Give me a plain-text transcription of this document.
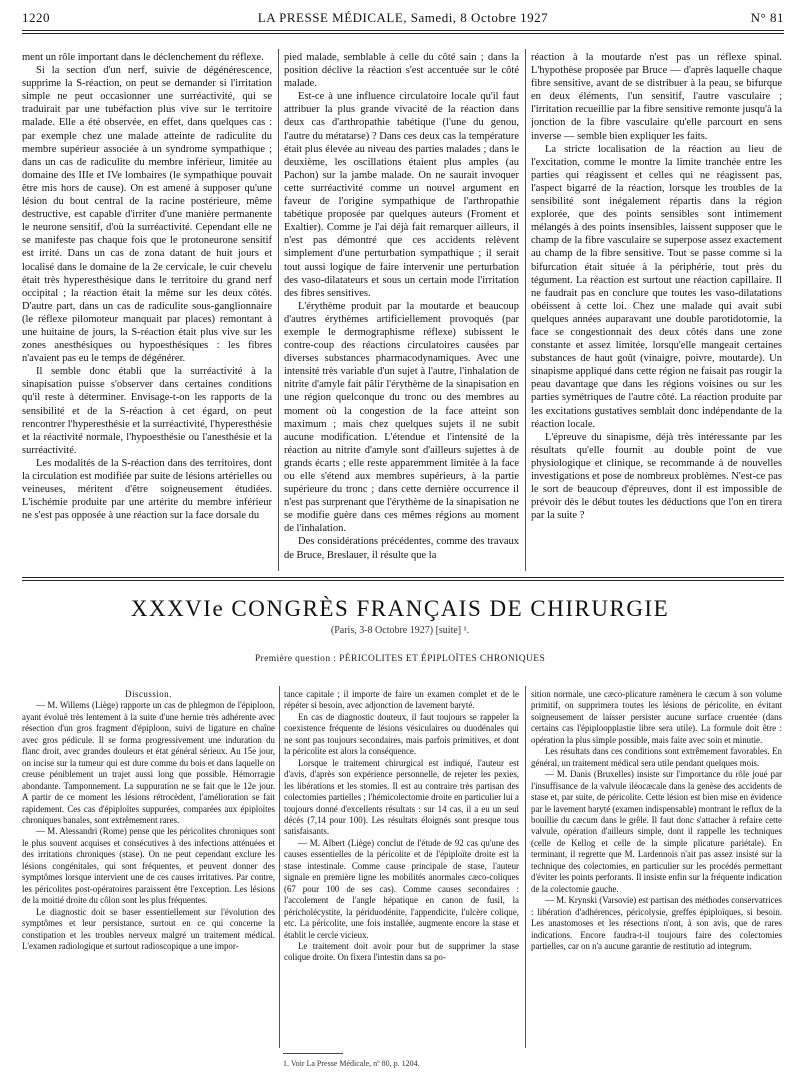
1220	LA PRESSE MÉDICALE, Samedi, 8 Octobre 1927	N° 81

ment un rôle important dans le déclenchement du réflexe.

Si la section d'un nerf, suivie de dégénérescence, supprime la S-réaction, on peut se demander si l'irritation simple ne peut occasionner une surréactivité, qui se traduirait par une tubéfaction plus vive sur le territoire malade. Elle a été observée, en effet, dans quelques cas : par exemple chez une malade atteinte de radiculite du membre supérieur associée à un syndrome sympathique ; dans un cas de radiculite du membre inférieur, limitée au domaine des IIIe et IVe lombaires (le sympathique pouvait être mis hors de cause). On est amené à supposer qu'une lésion du bout central de la racine postérieure, même destructive, est capable d'irriter d'une manière permanente le neurone sensitif, d'où la surréactivité. Cependant elle ne se manifeste pas chaque fois que le protoneurone sensitif est irrité. Dans un cas de zona datant de huit jours et localisé dans le domaine de la 2e cervicale, le cuir chevelu était très hyperesthésique dans le territoire du grand nerf occipital ; la réaction était la même sur les deux côtés. D'autre part, dans un cas de radiculite sous-ganglionnaire (le réflexe pilomoteur manquait par places) remontant à une huitaine de jours, la S-réaction était plus vive sur les zones anesthésiques ou hypoesthésiques : les fibres n'avaient pas eu le temps de dégénérer.

Il semble donc établi que la surréactivité à la sinapisation puisse s'observer dans certaines conditions qu'il reste à déterminer. Envisage-t-on les rapports de la sensibilité et de la S-réaction à cet égard, on peut rencontrer l'hyperesthésie et la surréactivité, l'hyperesthésie et la réactivité normale, l'hypoesthésie ou l'anesthésie et la surréactivité.

Les modalités de la S-réaction dans des territoires, dont la circulation est modifiée par suite de lésions artérielles ou veineuses, méritent d'être soigneusement étudiées. L'ischémie produite par une artérite du membre inférieur ne s'est pas opposée à une réaction sur la face dorsale du

pied malade, semblable à celle du côté sain ; dans la position déclive la réaction s'est accentuée sur le côté malade.

Est-ce à une influence circulatoire locale qu'il faut attribuer la plus grande vivacité de la réaction dans deux cas d'arthropathie tabétique (l'une du genou, l'autre du métatarse) ? Dans ces deux cas la température était plus élevée au niveau des parties malades ; dans le deuxième, les oscillations étaient plus amples (au Pachon) sur la jambe malade. On ne saurait invoquer cette surréactivité comme un nouvel argument en faveur de l'origine sympathique de l'arthropathie tabétique proposée par quelques auteurs (Froment et Exaltier). Comme je l'ai déjà fait remarquer ailleurs, il n'est pas démontré que ces accidents relèvent simplement d'une perturbation sympathique ; il serait tout aussi logique de faire intervenir une perturbation des vaso-dilatateurs et sous un certain mode l'irritation des fibres sensitives.

L'érythème produit par la moutarde et beaucoup d'autres érythèmes artificiellement provoqués (par exemple le dermographisme réflexe) subissent le contre-coup des réactions circulatoires causées par diverses substances pharmacodynamiques. Avec une intensité très variable d'un sujet à l'autre, l'inhalation de nitrite d'amyle fait pâlir l'érythème de la sinapisation en une région quelconque du tronc ou des membres au moment où la congestion de la face atteint son maximum ; mais chez quelques sujets il ne subit aucune modification. L'étendue et l'intensité de la réaction au nitrite d'amyle sont d'ailleurs sujettes à de grands écarts ; elle reste apparemment limitée à la face ou elle s'étend aux membres supérieurs, à la partie supérieure du tronc ; dans cette dernière occurrence il n'est pas surprenant que l'érythème de la sinapisation ne se modifie guère dans ces mêmes régions au moment de l'inhalation.

Des considérations précédentes, comme des travaux de Bruce, Breslauer, il résulte que la

réaction à la moutarde n'est pas un réflexe spinal. L'hypothèse proposée par Bruce — d'après laquelle chaque fibre sensitive, avant de se distribuer à la peau, se bifurque en deux éléments, l'un sensitif, l'autre vasculaire ; l'irritation recueillie par la fibre sensitive remonte jusqu'à la jonction de la fibre vasculaire qu'elle parcourt en sens inverse — semble bien expliquer les faits.

La stricte localisation de la réaction au lieu de l'excitation, comme le montre la limite tranchée entre les parties qui réagissent et celles qui ne réagissent pas, l'aspect bigarré de la réaction, lorsque les troubles de la sensibilité sont inégalement répartis dans la région explorée, que des points sensibles sont intimement mélangés à des points insensibles, laissent supposer que le champ de la fibre vasculaire se superpose assez exactement au champ de la fibre sensitive. Tout se passe comme si la bifurcation était située à la périphérie, tout près du tégument. La réaction est surtout une réaction capillaire. Il ne faudrait pas en conclure que toutes les vaso-dilatations obéissent à cette loi. Chez une malade qui avait subi quelques années auparavant une double parotidotomie, la face se congestionnait des deux côtés dans une zone constante et assez limitée, lorsqu'elle mangeait certaines substances de haut goût (vinaigre, poivre, moutarde). Un sinapisme appliqué dans cette région ne faisait pas rougir la peau davantage que dans les régions voisines ou sur les parties symétriques de l'autre côté. La réaction produite par les excitations gustatives semblait donc indépendante de la réaction locale.

L'épreuve du sinapisme, déjà très intéressante par les résultats qu'elle fournit au double point de vue physiologique et clinique, se recommande à de nouvelles investigations et pose de nombreux problèmes. N'est-ce pas le sort de beaucoup d'épreuves, dont il est impossible de prévoir dès le début toutes les déductions que l'on en tirera par la suite ?

XXXVIe CONGRÈS FRANÇAIS DE CHIRURGIE
(Paris, 3-8 Octobre 1927) [suite] ¹.
Première question : PÉRICOLITES ET ÉPIPLOÏTES CHRONIQUES

Discussion.

— M. Willems (Liège) rapporte un cas de phlegmon de l'épiploon, ayant évolué très lentement à la suite d'une hernie très adhérente avec résection d'un gros fragment d'épiploon, suivi de ligature en chaîne avec gros pédicule. Il se forma progressivement une induration du flanc droit, avec grandes douleurs et état général sérieux. Au 15e jour, on incise sur la tumeur qui est dure comme du bois et dans laquelle on creuse péniblement un trajet aussi long que possible. Hémorragie abondante. Tamponnement. La suppuration ne se fait que le 12e jour. A partir de ce moment les lésions rétrocèdent, l'amélioration se fait rapidement. Ces cas d'épiploïtes suppurées, comparées aux épiploïtes chroniques banales, sont extrêmement rares.

— M. Alessandri (Rome) pense que les péricolites chroniques sont le plus souvent acquises et consécutives à des infections atténuées et des irritations chroniques (stase). On ne peut cependant exclure les lésions congénitales, qui sont fréquentes, et peuvent donner des symptômes lorsque intervient une de ces causes irritatives. Par contre, les péricolites post-opératoires paraissent être l'exception. Les lésions de la moitié droite du côlon sont les plus fréquentes.

Le diagnostic doit se baser essentiellement sur l'évolution des symptômes et leur persistance, surtout en ce qui concerne la constipation et les troubles nerveux malgré un traitement médical. L'examen radiologique et surtout radioscopique a une impor-

tance capitale ; il importe de faire un examen complet et de le répéter si besoin, avec adjonction de lavement baryté.

En cas de diagnostic douteux, il faut toujours se rappeler la coexistence fréquente de lésions vésiculaires ou duodénales qui ne sont pas toujours secondaires, mais parfois primitives, et dont la péricolite est alors la conséquence.

Lorsque le traitement chirurgical est indiqué, l'auteur est d'avis, d'après son expérience personnelle, de rejeter les pexies, les libérations et les stomies. Il est au contraire très partisan des colectomies partielles ; l'hémicolectomie droite en particulier lui a toujours donné d'excellents résultats : sur 14 cas, il a eu un seul décès (7,14 pour 100). Les résultats éloignés sont presque tous satisfaisants.

— M. Albert (Liège) conclut de l'étude de 92 cas qu'une des causes essentielles de la péricolite et de l'épiploïte droite est la stase intestinale. Comme cause principale de stase, l'auteur signale en première ligne les mobilités anormales cæco-coliques (67 pour 100 de ses cas). Comme causes secondaires : l'accolement de l'angle hépatique en canon de fusil, la péricholécystite, la périduodénite, l'appendicite, l'ulcère colique, etc. La péricolite, une fois installée, augmente encore la stase et établit le cercle vicieux.

Le traitement doit avoir pour but de supprimer la stase colique droite. On fixera l'intestin dans sa po-

sition normale, une cæco-plicature ramènera le cæcum à son volume primitif, on supprimera toutes les lésions de péricolite, en évitant soigneusement de laisser persister aucune surface cruentée (dans certains cas l'épiploopplastie libre sera utile). La formule doit être : opération la plus simple possible, mais faite avec soin et minutie.

Les résultats dans ces conditions sont extrêmement favorables. En général, un traitement médical sera utile pendant quelques mois.

— M. Danis (Bruxelles) insiste sur l'importance du rôle joué par l'insuffisance de la valvule iléocæcale dans la genèse des accidents de stase et, par suite, de péricolite. Cette lésion est bien mise en évidence par le lavement baryté (examen indispensable) montrant le reflux de la bouillie du cæcum dans le grêle. Il faut donc s'attacher à refaire cette valvule, opération d'ailleurs simple, dont il rappelle les techniques (celle de Kellog et celle de la simple plicature pariétale). En terminant, il regrette que M. Lardennois n'ait pas assez insisté sur la technique des colectomies, en particulier sur les procédés permettant d'éviter les points perforants. Il insiste enfin sur la fréquente indication de la colectomie gauche.

— M. Krynski (Varsovie) est partisan des méthodes conservatrices : libération d'adhérences, péricolysie, greffes épiploïques, si besoin. Les anastomoses et les résections n'ont, à son avis, que de rares indications. Encore faudra-t-il toujours faire des colectomies partielles, car on n'a aucune garantie de restitutio ad integrum.

1. Voir La Presse Médicale, nº 80, p. 1204.
